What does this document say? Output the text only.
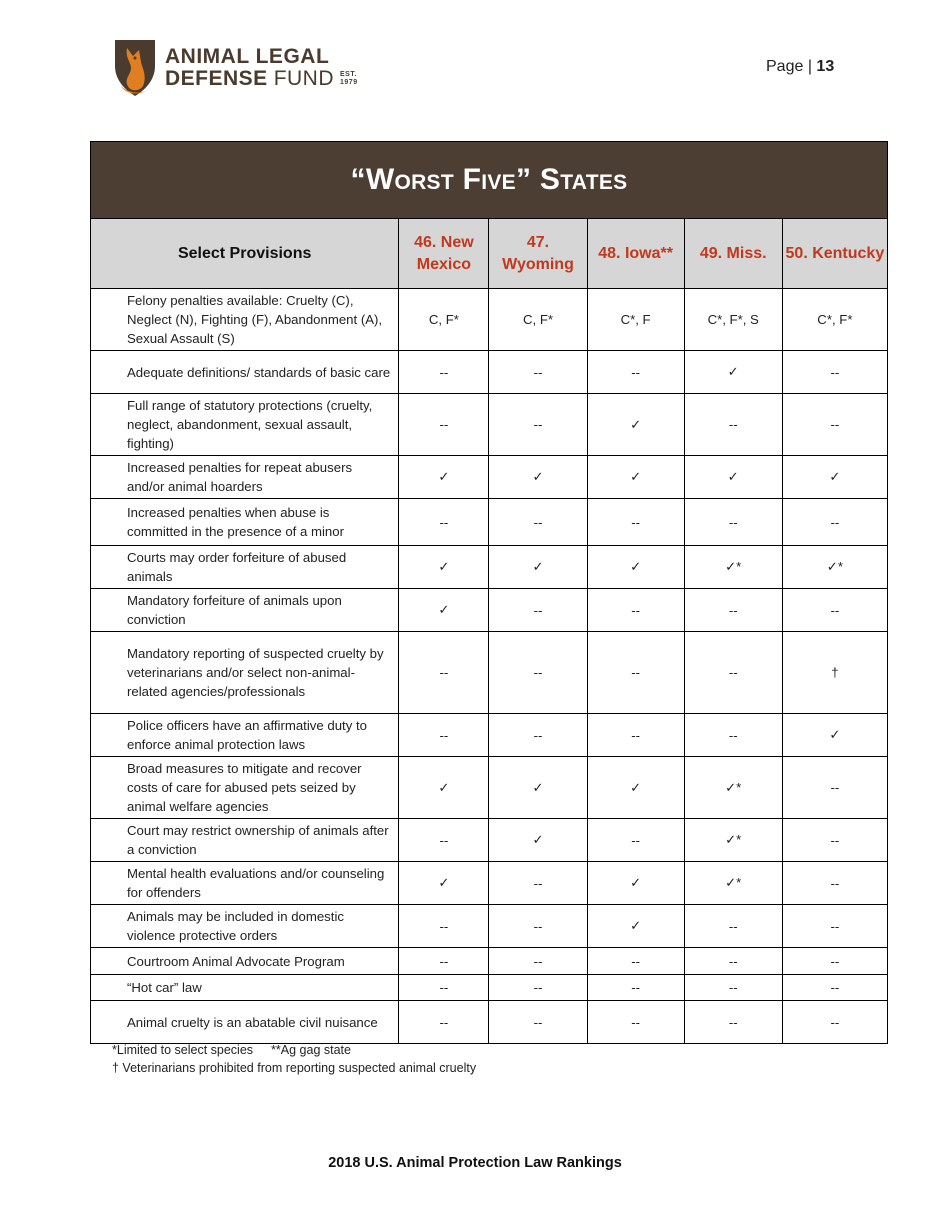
ANIMAL LEGAL
DEFENSE FUND EST.
1979
Page | 13
“Worst Five” States					
Select Provisions	46. New Mexico	47. Wyoming	48. Iowa**	49. Miss.	50. Kentucky
Felony penalties available: Cruelty (C), Neglect (N), Fighting (F), Abandonment (A), Sexual Assault (S)	C, F*	C, F*	C*, F	C*, F*, S	C*, F*
Adequate definitions/ standards of basic care	--	--	--	✓	--
Full range of statutory protections (cruelty, neglect, abandonment, sexual assault, fighting)	--	--	✓	--	--
Increased penalties for repeat abusers and/or animal hoarders	✓	✓	✓	✓	✓
Increased penalties when abuse is committed in the presence of a minor	--	--	--	--	--
Courts may order forfeiture of abused animals	✓	✓	✓	✓*	✓*
Mandatory forfeiture of animals upon conviction	✓	--	--	--	--
Mandatory reporting of suspected cruelty by veterinarians and/or select non-animal-related agencies/professionals	--	--	--	--	†
Police officers have an affirmative duty to enforce animal protection laws	--	--	--	--	✓
Broad measures to mitigate and recover costs of care for abused pets seized by animal welfare agencies	✓	✓	✓	✓*	--
Court may restrict ownership of animals after a conviction	--	✓	--	✓*	--
Mental health evaluations and/or counseling for offenders	✓	--	✓	✓*	--
Animals may be included in domestic violence protective orders	--	--	✓	--	--
Courtroom Animal Advocate Program	--	--	--	--	--
“Hot car” law	--	--	--	--	--
Animal cruelty is an abatable civil nuisance	--	--	--	--	--
*Limited to select species **Ag gag state
† Veterinarians prohibited from reporting suspected animal cruelty
2018 U.S. Animal Protection Law Rankings
